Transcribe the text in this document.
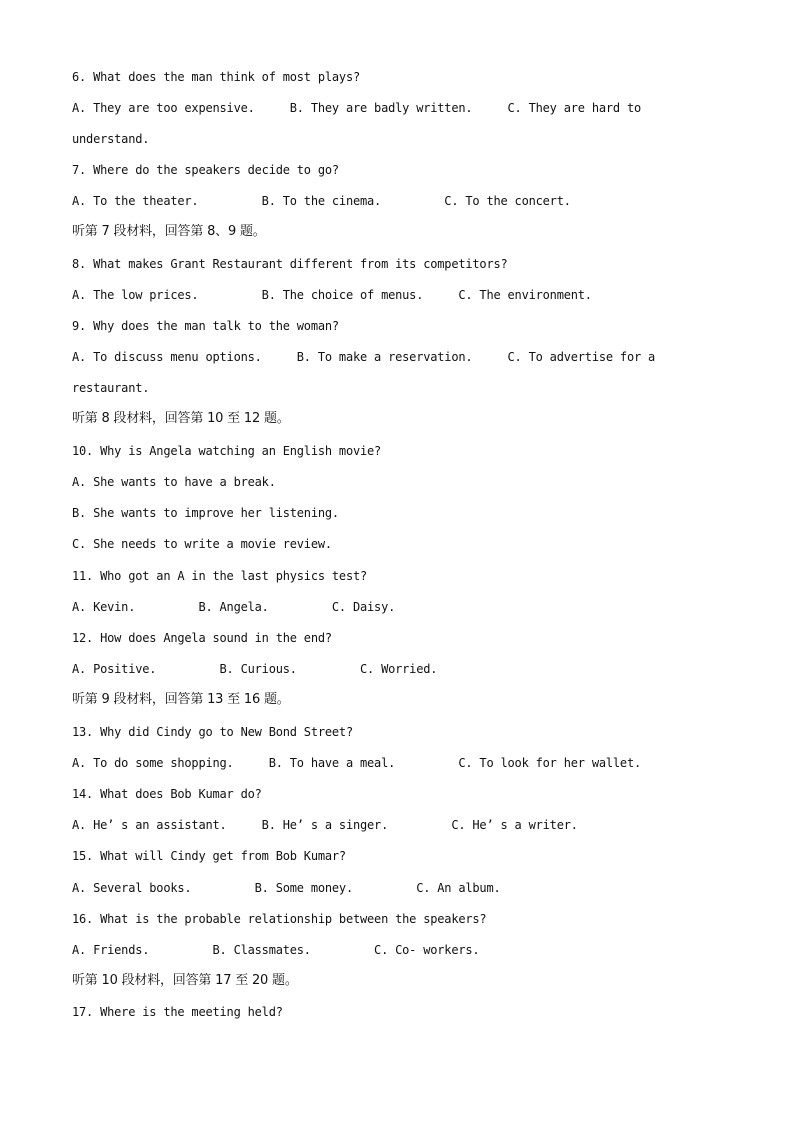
6. What does the man think of most plays?
A. They are too expensive.     B. They are badly written.     C. They are hard to
understand.
7. Where do the speakers decide to go?
A. To the theater.         B. To the cinema.         C. To the concert.
听第 7 段材料，回答第 8、9 题。
8. What makes Grant Restaurant different from its competitors?
A. The low prices.         B. The choice of menus.     C. The environment.
9. Why does the man talk to the woman?
A. To discuss menu options.     B. To make a reservation.     C. To advertise for a
restaurant.
听第 8 段材料，回答第 10 至 12 题。
10. Why is Angela watching an English movie?
A. She wants to have a break.
B. She wants to improve her listening.
C. She needs to write a movie review.
11. Who got an A in the last physics test?
A. Kevin.         B. Angela.         C. Daisy.
12. How does Angela sound in the end?
A. Positive.         B. Curious.         C. Worried.
听第 9 段材料，回答第 13 至 16 题。
13. Why did Cindy go to New Bond Street?
A. To do some shopping.     B. To have a meal.         C. To look for her wallet.
14. What does Bob Kumar do?
A. He’ s an assistant.     B. He’ s a singer.         C. He’ s a writer.
15. What will Cindy get from Bob Kumar?
A. Several books.         B. Some money.         C. An album.
16. What is the probable relationship between the speakers?
A. Friends.         B. Classmates.         C. Co- workers.
听第 10 段材料，回答第 17 至 20 题。
17. Where is the meeting held?
